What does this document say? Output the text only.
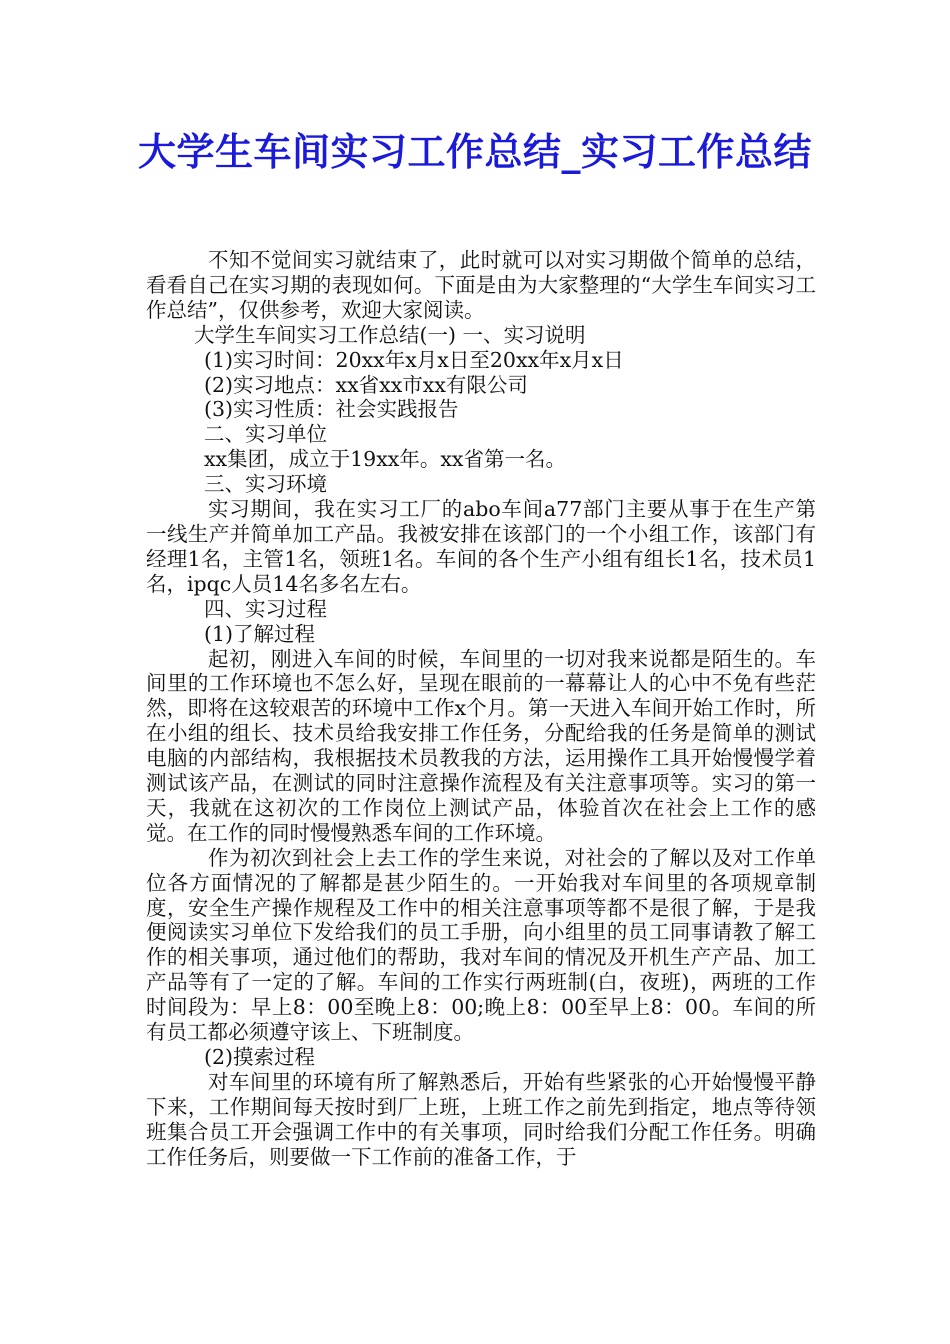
大学生车间实习工作总结_实习工作总结

不知不觉间实习就结束了，此时就可以对实习期做个简单的总结，看看自己在实习期的表现如何。下面是由为大家整理的“大学生车间实习工作总结”，仅供参考，欢迎大家阅读。

大学生车间实习工作总结(一) 一、实习说明

(1)实习时间：20xx年x月x日至20xx年x月x日

(2)实习地点：xx省xx市xx有限公司

(3)实习性质：社会实践报告

二、实习单位

xx集团，成立于19xx年。xx省第一名。

三、实习环境

实习期间，我在实习工厂的abo车间a77部门主要从事于在生产第一线生产并简单加工产品。我被安排在该部门的一个小组工作，该部门有经理1名，主管1名，领班1名。车间的各个生产小组有组长1名，技术员1名，ipqc人员14名多名左右。

四、实习过程

(1)了解过程

起初，刚进入车间的时候，车间里的一切对我来说都是陌生的。车间里的工作环境也不怎么好，呈现在眼前的一幕幕让人的心中不免有些茫然，即将在这较艰苦的环境中工作x个月。第一天进入车间开始工作时，所在小组的组长、技术员给我安排工作任务，分配给我的任务是简单的测试电脑的内部结构，我根据技术员教我的方法，运用操作工具开始慢慢学着测试该产品，在测试的同时注意操作流程及有关注意事项等。实习的第一天，我就在这初次的工作岗位上测试产品，体验首次在社会上工作的感觉。在工作的同时慢慢熟悉车间的工作环境。

作为初次到社会上去工作的学生来说，对社会的了解以及对工作单位各方面情况的了解都是甚少陌生的。一开始我对车间里的各项规章制度，安全生产操作规程及工作中的相关注意事项等都不是很了解，于是我便阅读实习单位下发给我们的员工手册，向小组里的员工同事请教了解工作的相关事项，通过他们的帮助，我对车间的情况及开机生产产品、加工产品等有了一定的了解。车间的工作实行两班制(白，夜班)，两班的工作时间段为：早上8：00至晚上8：00;晚上8：00至早上8：00。车间的所有员工都必须遵守该上、下班制度。

(2)摸索过程

对车间里的环境有所了解熟悉后，开始有些紧张的心开始慢慢平静下来，工作期间每天按时到厂上班，上班工作之前先到指定，地点等待领班集合员工开会强调工作中的有关事项，同时给我们分配工作任务。明确工作任务后，则要做一下工作前的准备工作，于
